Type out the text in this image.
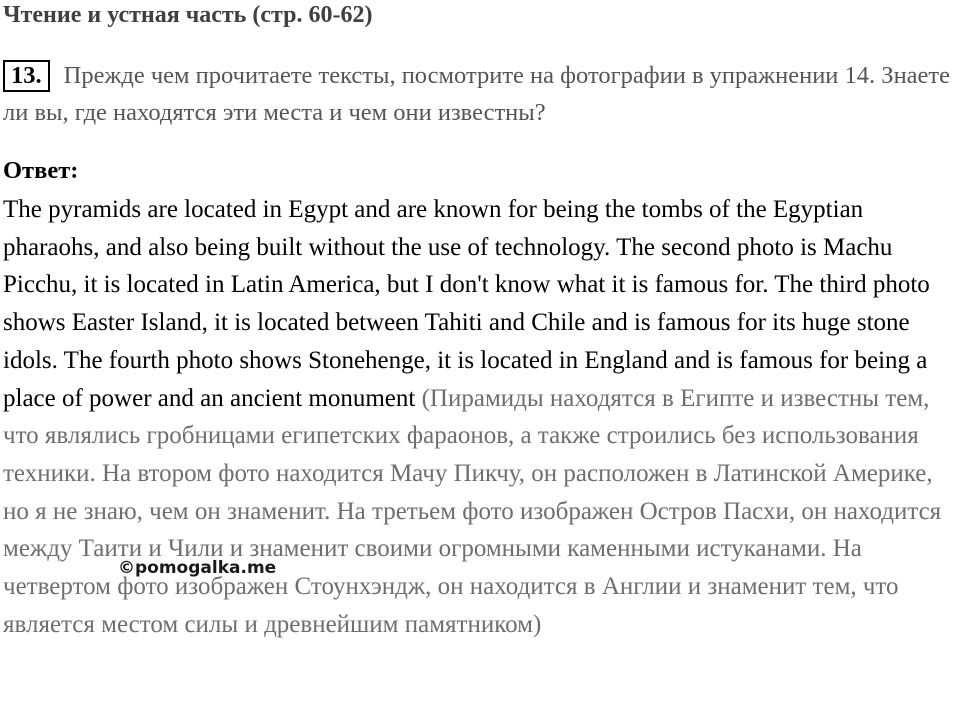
Чтение и устная часть (стр. 60-62)
13. Прежде чем прочитаете тексты, посмотрите на фотографии в упражнении 14. Знаете ли вы, где находятся эти места и чем они известны?
Ответ:
The pyramids are located in Egypt and are known for being the tombs of the Egyptian pharaohs, and also being built without the use of technology. The second photo is Machu Picchu, it is located in Latin America, but I don't know what it is famous for. The third photo shows Easter Island, it is located between Tahiti and Chile and is famous for its huge stone idols. The fourth photo shows Stonehenge, it is located in England and is famous for being a place of power and an ancient monument (Пирамиды находятся в Египте и известны тем, что являлись гробницами египетских фараонов, а также строились без использования техники. На втором фото находится Мачу Пикчу, он расположен в Латинской Америке, но я не знаю, чем он знаменит. На третьем фото изображен Остров Пасхи, он находится между Таити и Чили и знаменит своими огромными каменными истуканами. На четвертом фото изображен Стоунхэндж, он находится в Англии и знаменит тем, что является местом силы и древнейшим памятником)
©pomogalka.me
